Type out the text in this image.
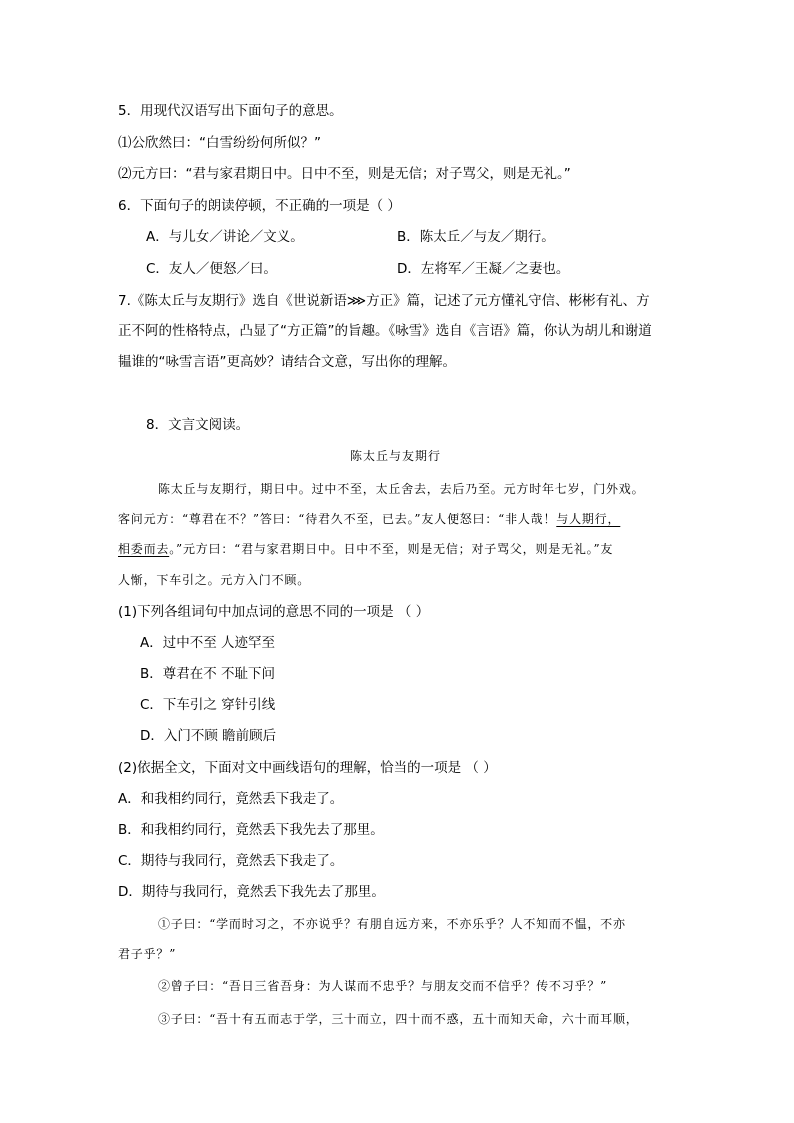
5．用现代汉语写出下面句子的意思。
⑴公欣然曰：“白雪纷纷何所似？”
⑵元方曰：“君与家君期日中。日中不至，则是无信；对子骂父，则是无礼。”
6．下面句子的朗读停顿，不正确的一项是（ ）
A．与儿女／讲论／文义。	B．陈太丘／与友／期行。
C．友人／便怒／曰。	D．左将军／王凝／之妻也。
7.《陈太丘与友期行》选自《世说新语⋙方正》篇，记述了元方懂礼守信、彬彬有礼、方
正不阿的性格特点，凸显了“方正篇”的旨趣。《咏雪》选自《言语》篇，你认为胡儿和谢道
韫谁的“咏雪言语”更高妙？请结合文意，写出你的理解。
8．文言文阅读。
陈太丘与友期行
陈太丘与友期行，期日中。过中不至，太丘舍去，去后乃至。元方时年七岁，门外戏。
客问元方：“尊君在不？”答曰：“待君久不至，已去。”友人便怒曰：“非人哉！与人期行，
相委而去。”元方曰：“君与家君期日中。日中不至，则是无信；对子骂父，则是无礼。”友
人惭，下车引之。元方入门不顾。
(1)下列各组词句中加点词的意思不同的一项是 （ ）
A．过中不至 人迹罕至
B．尊君在不 不耻下问
C．下车引之 穿针引线
D．入门不顾 瞻前顾后
(2)依据全文，下面对文中画线语句的理解，恰当的一项是 （ ）
A．和我相约同行，竟然丢下我走了。
B．和我相约同行，竟然丢下我先去了那里。
C．期待与我同行，竟然丢下我走了。
D．期待与我同行，竟然丢下我先去了那里。
①子曰：“学而时习之，不亦说乎？有朋自远方来，不亦乐乎？人不知而不愠，不亦
君子乎？”
②曾子曰：“吾日三省吾身：为人谋而不忠乎？与朋友交而不信乎？传不习乎？”
③子曰：“吾十有五而志于学，三十而立，四十而不惑，五十而知天命，六十而耳顺，
